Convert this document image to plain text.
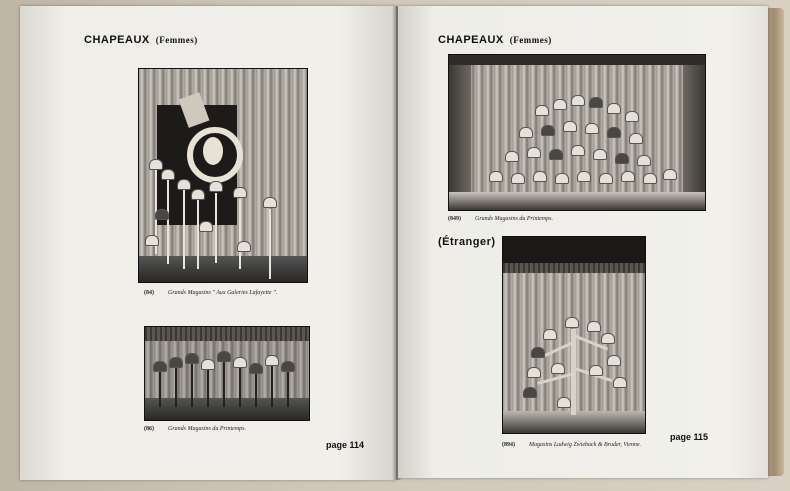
CHAPEAUX (Femmes)
(84) Grands Magasins " Aux Galeries Lafayette ".
(86) Grands Magasins du Printemps.
page 114
CHAPEAUX (Femmes)
(849) Grands Magasins du Printemps.
(Étranger)
(894) Magasins Ludwig Zwieback & Bruder, Vienne.
page 115
